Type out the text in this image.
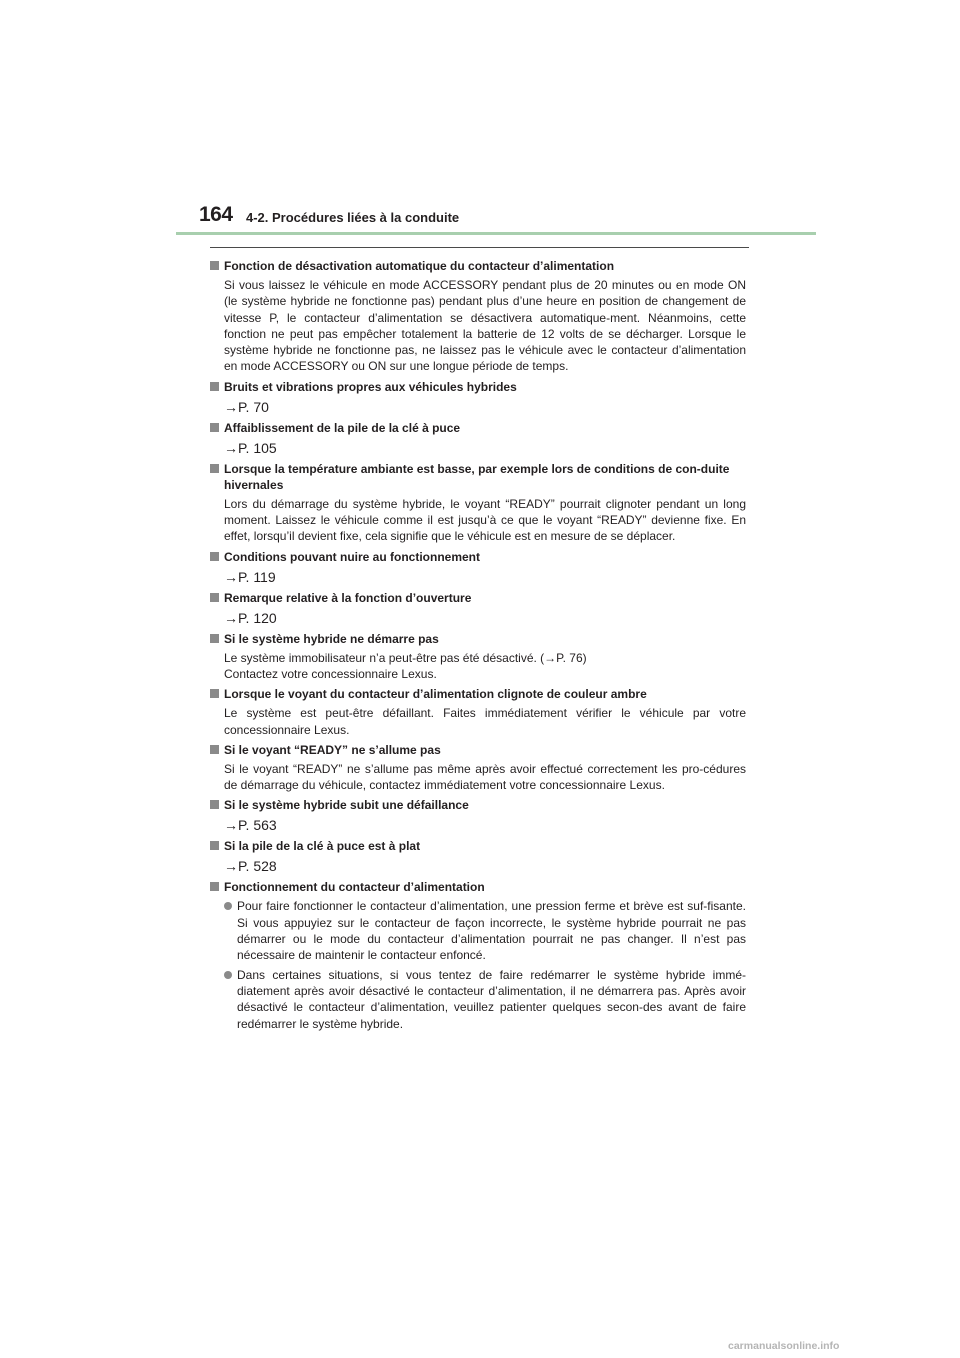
164 4-2. Procédures liées à la conduite
Fonction de désactivation automatique du contacteur d’alimentation

Si vous laissez le véhicule en mode ACCESSORY pendant plus de 20 minutes ou en mode ON (le système hybride ne fonctionne pas) pendant plus d’une heure en position de changement de vitesse P, le contacteur d’alimentation se désactivera automatique-ment. Néanmoins, cette fonction ne peut pas empêcher totalement la batterie de 12 volts de se décharger. Lorsque le système hybride ne fonctionne pas, ne laissez pas le véhicule avec le contacteur d’alimentation en mode ACCESSORY ou ON sur une longue période de temps.

Bruits et vibrations propres aux véhicules hybrides
→P. 70
Affaiblissement de la pile de la clé à puce
→P. 105
Lorsque la température ambiante est basse, par exemple lors de conditions de con-duite hivernales

Lors du démarrage du système hybride, le voyant “READY” pourrait clignoter pendant un long moment. Laissez le véhicule comme il est jusqu’à ce que le voyant “READY” devienne fixe. En effet, lorsqu’il devient fixe, cela signifie que le véhicule est en mesure de se déplacer.

Conditions pouvant nuire au fonctionnement
→P. 119
Remarque relative à la fonction d’ouverture
→P. 120
Si le système hybride ne démarre pas

Le système immobilisateur n’a peut-être pas été désactivé. (→P. 76)

Contactez votre concessionnaire Lexus.

Lorsque le voyant du contacteur d’alimentation clignote de couleur ambre

Le système est peut-être défaillant. Faites immédiatement vérifier le véhicule par votre concessionnaire Lexus.

Si le voyant “READY” ne s’allume pas

Si le voyant “READY” ne s’allume pas même après avoir effectué correctement les pro-cédures de démarrage du véhicule, contactez immédiatement votre concessionnaire Lexus.

Si le système hybride subit une défaillance
→P. 563
Si la pile de la clé à puce est à plat
→P. 528
Fonctionnement du contacteur d’alimentation
Pour faire fonctionner le contacteur d’alimentation, une pression ferme et brève est suf-fisante. Si vous appuyiez sur le contacteur de façon incorrecte, le système hybride pourrait ne pas démarrer ou le mode du contacteur d’alimentation pourrait ne pas changer. Il n’est pas nécessaire de maintenir le contacteur enfoncé.
Dans certaines situations, si vous tentez de faire redémarrer le système hybride immé-diatement après avoir désactivé le contacteur d’alimentation, il ne démarrera pas. Après avoir désactivé le contacteur d’alimentation, veuillez patienter quelques secon-des avant de faire redémarrer le système hybride.
carmanualsonline.info
